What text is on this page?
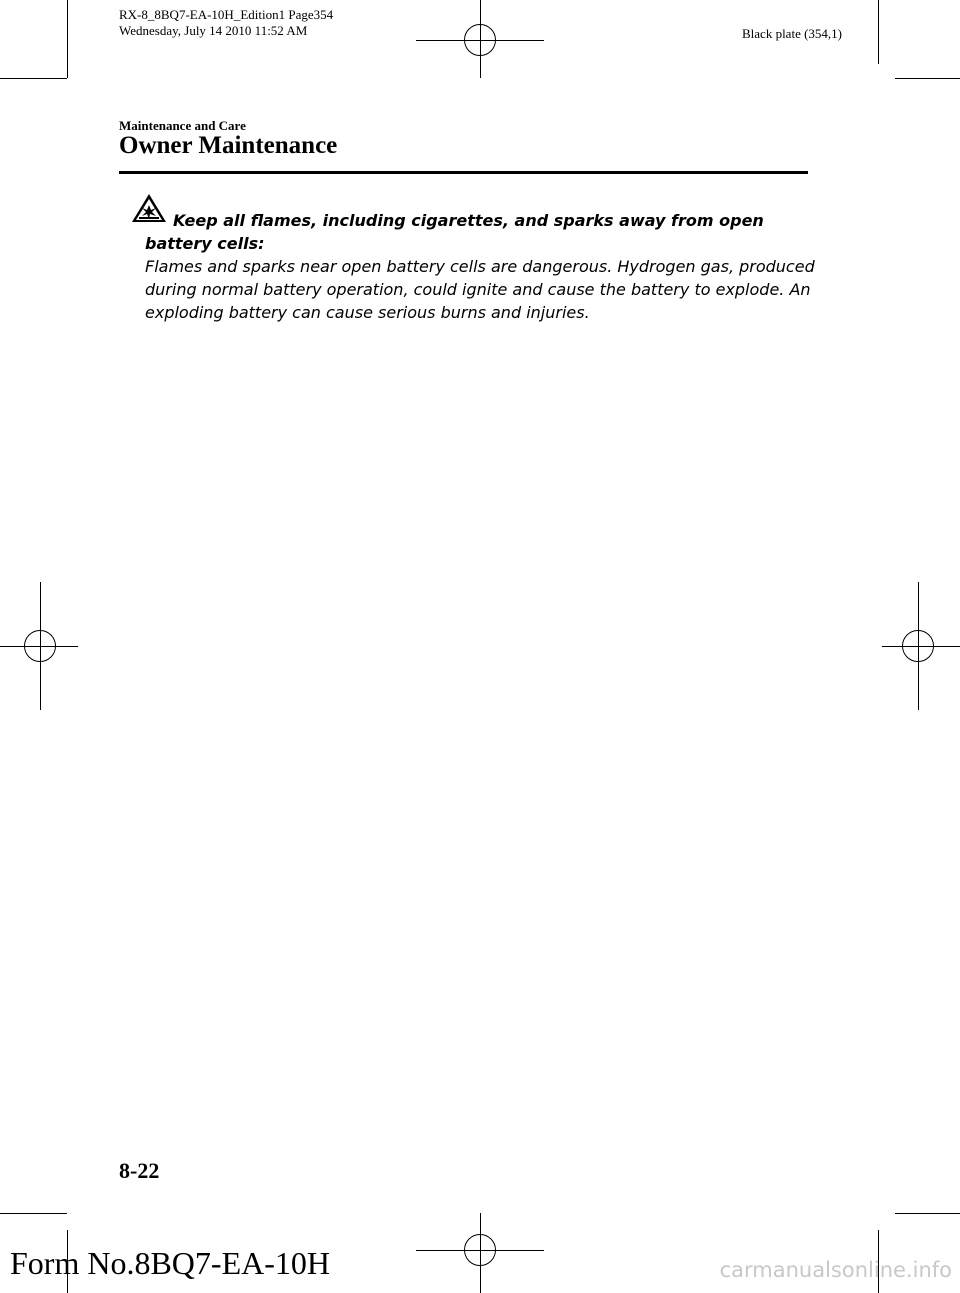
RX-8_8BQ7-EA-10H_Edition1 Page354
Wednesday, July 14 2010 11:52 AM	Black plate (354,1)
Maintenance and Care
Owner Maintenance
Keep all flames, including cigarettes, and sparks away from open battery cells:
Flames and sparks near open battery cells are dangerous. Hydrogen gas, produced during normal battery operation, could ignite and cause the battery to explode. An exploding battery can cause serious burns and injuries.
8-22
Form No.8BQ7-EA-10H	carmanualsonline.info
